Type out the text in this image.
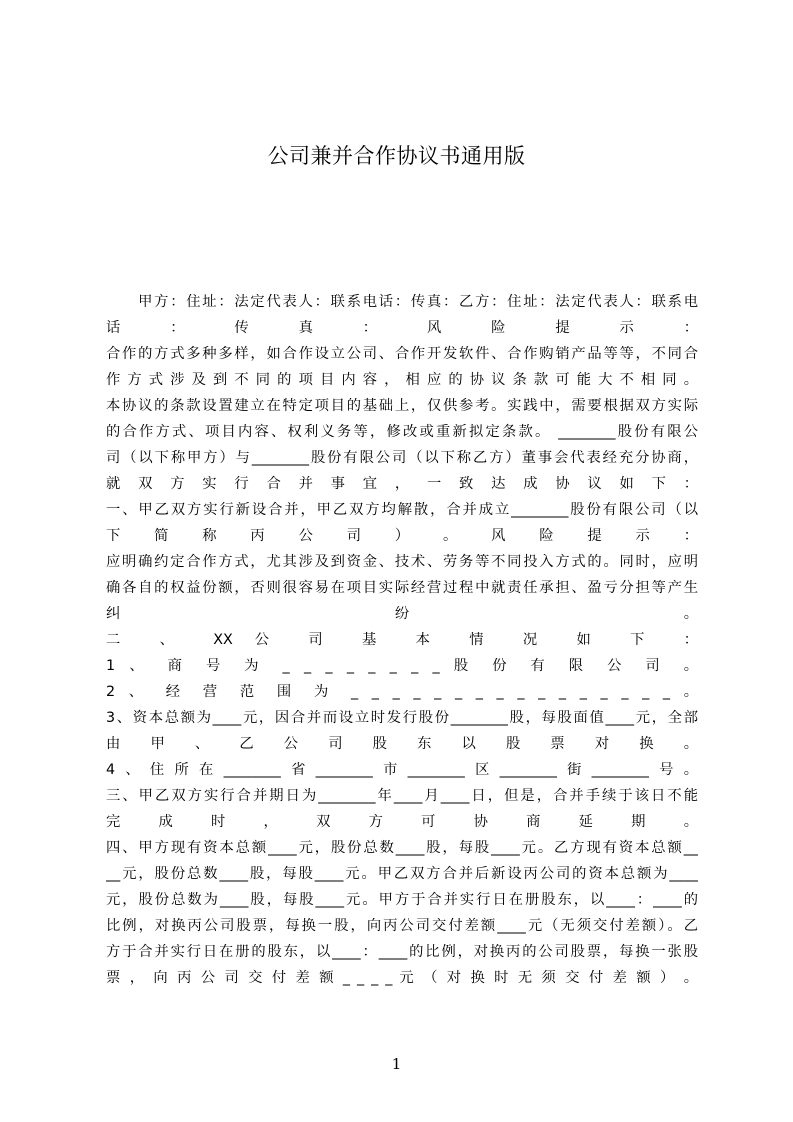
公司兼并合作协议书通用版
　　甲方：住址：法定代表人：联系电话：传真：乙方：住址：法定代表人：联系电
话 ： 传 真 ： 风 险 提 示 ：
合作的方式多种多样，如合作设立公司、合作开发软件、合作购销产品等等，不同合
作 方 式 涉 及 到 不 同 的 项 目 内 容 ， 相 应 的 协 议 条 款 可 能 大 不 相 同 。
本协议的条款设置建立在特定项目的基础上，仅供参考。实践中，需要根据双方实际
的合作方式、项目内容、权利义务等，修改或重新拟定条款。 ________股份有限公
司（以下称甲方）与________股份有限公司（以下称乙方）董事会代表经充分协商，
就 双 方 实 行 合 并 事 宜 ， 一 致 达 成 协 议 如 下 ：
一、甲乙双方实行新设合并，甲乙双方均解散，合并成立________股份有限公司（以
下 简 称 丙 公 司 ） 。 风 险 提 示 ：
应明确约定合作方式，尤其涉及到资金、技术、劳务等不同投入方式的。同时，应明
确各自的权益份额，否则很容易在项目实际经营过程中就责任承担、盈亏分担等产生
纠 纷 。
二 、 XX 公 司 基 本 情 况 如 下 ：
1 、 商 号 为 _ _ _ _ _ _ _ _ 股 份 有 限 公 司 。
2 、 经 营 范 围 为 _ _ _ _ _ _ _ _ _ _ _ _ _ _ _ _ 。
3、资本总额为____元，因合并而设立时发行股份________股，每股面值____元，全部
由 甲 、 乙 公 司 股 东 以 股 票 对 换 。
4、住所在________省________市________区________街________号。
三、甲乙双方实行合并期日为________年____月____日，但是，合并手续于该日不能
完 成 时 ， 双 方 可 协 商 延 期 。
四、甲方现有资本总额____元，股份总数____股，每股____元。乙方现有资本总额__
__元，股份总数____股，每股____元。甲乙双方合并后新设丙公司的资本总额为____
元，股份总数为____股，每股____元。甲方于合并实行日在册股东，以____：____的
比例，对换丙公司股票，每换一股，向丙公司交付差额____元（无须交付差额）。乙
方于合并实行日在册的股东，以____：____的比例，对换丙的公司股票，每换一张股
票 ， 向 丙 公 司 交 付 差 额 _ _ _ _ 元 （ 对 换 时 无 须 交 付 差 额 ） 。
1
